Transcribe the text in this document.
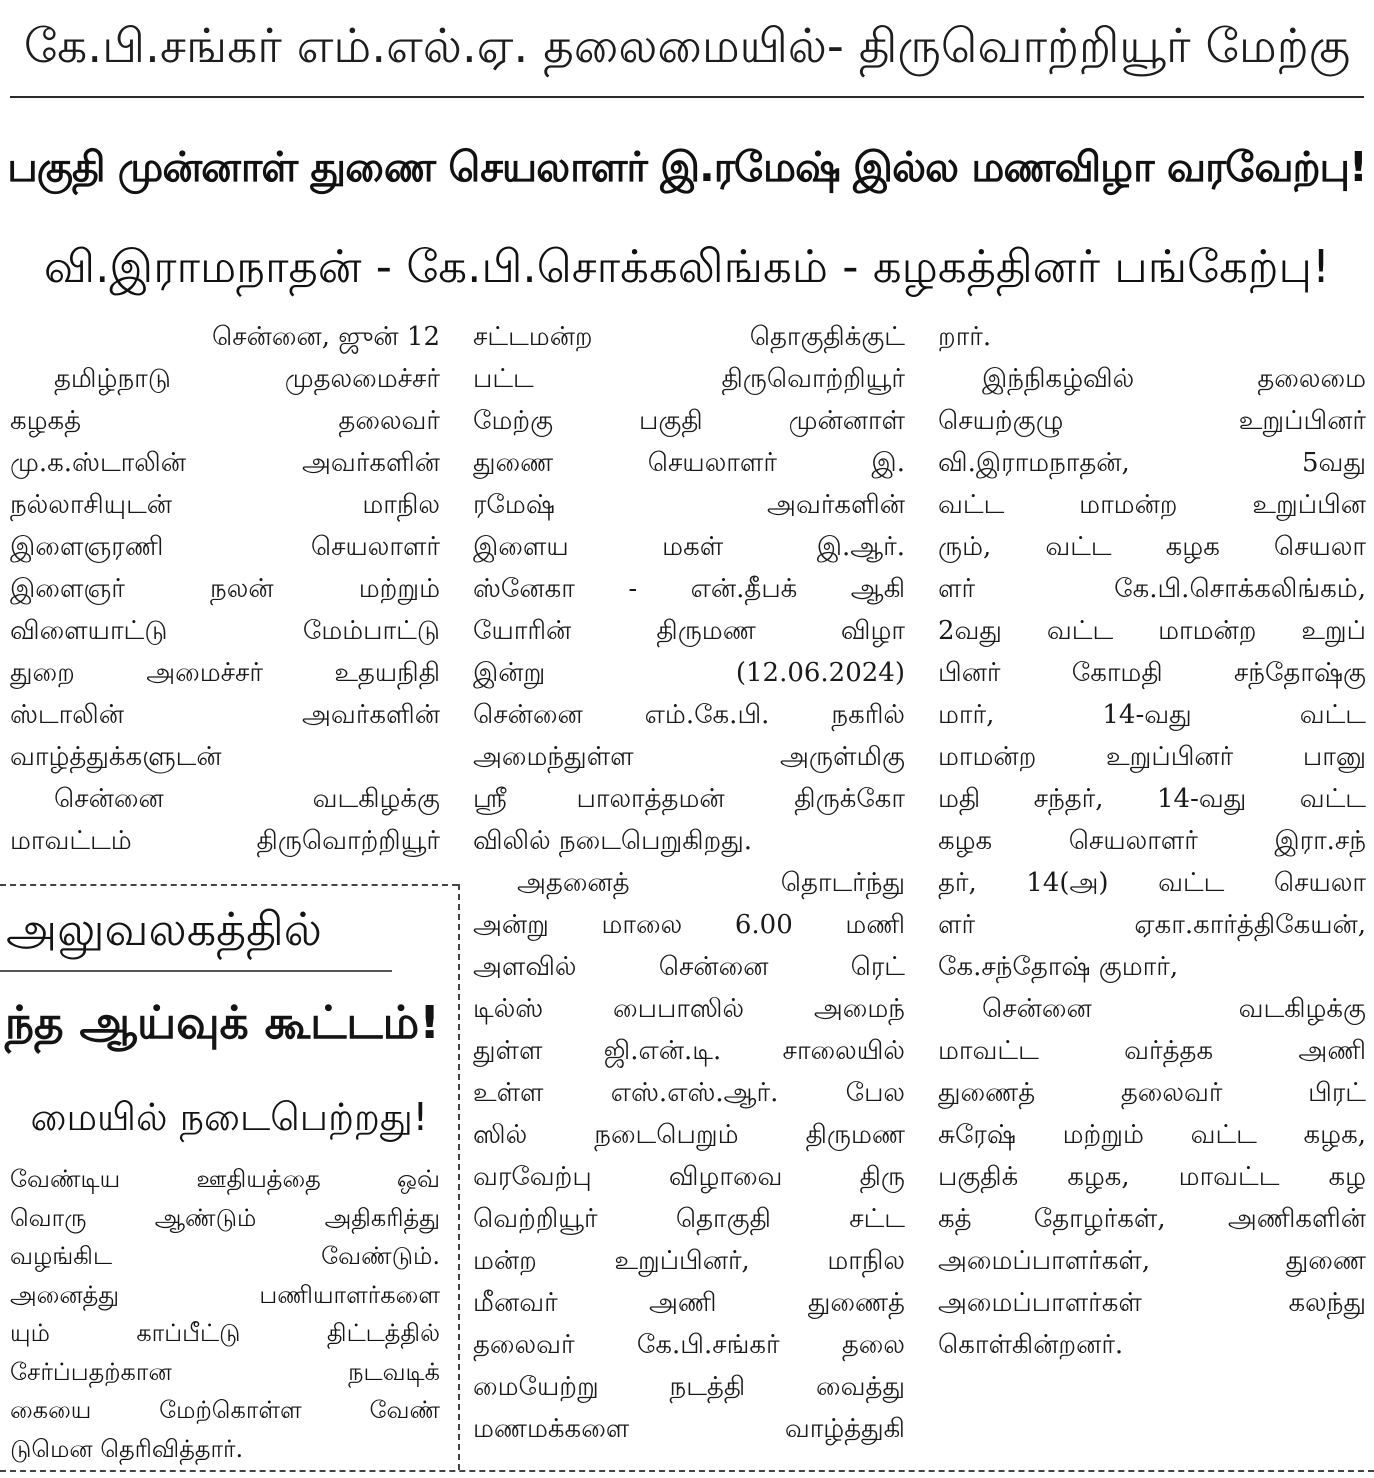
கே.பி.சங்கர் எம்.எல்.ஏ. தலைமையில்- திருவொற்றியூர் மேற்கு
பகுதி முன்னாள் துணை செயலாளர் இ.ரமேஷ் இல்ல மணவிழா வரவேற்பு!
வி.இராமநாதன் - கே.பி.சொக்கலிங்கம் - கழகத்தினர் பங்கேற்பு!

சென்னை, ஜுன் 12

தமிழ்நாடு முதலமைச்சர்

கழகத் தலைவர்

மு.க.ஸ்டாலின் அவர்களின்

நல்லாசியுடன் மாநில

இளைஞரணி செயலாளர்

இளைஞர் நலன் மற்றும்

விளையாட்டு மேம்பாட்டு

துறை அமைச்சர் உதயநிதி

ஸ்டாலின் அவர்களின்

வாழ்த்துக்களுடன்

சென்னை வடகிழக்கு

மாவட்டம் திருவொற்றியூர்

சட்டமன்ற தொகுதிக்குட்

பட்ட திருவொற்றியூர்

மேற்கு பகுதி முன்னாள்

துணை செயலாளர் இ.

ரமேஷ் அவர்களின்

இளைய மகள் இ.ஆர்.

ஸ்னேகா - என்.தீபக் ஆகி

யோரின் திருமண விழா

இன்று (12.06.2024)

சென்னை எம்.கே.பி. நகரில்

அமைந்துள்ள அருள்மிகு

ஸ்ரீ பாலாத்தமன் திருக்கோ

விலில் நடைபெறுகிறது.

அதனைத் தொடர்ந்து

அன்று மாலை 6.00 மணி

அளவில் சென்னை ரெட்

டில்ஸ் பைபாஸில் அமைந்

துள்ள ஜி.என்.டி. சாலையில்

உள்ள எஸ்.எஸ்.ஆர். பேல

ஸில் நடைபெறும் திருமண

வரவேற்பு விழாவை திரு

வெற்றியூர் தொகுதி சட்ட

மன்ற உறுப்பினர், மாநில

மீனவர் அணி துணைத்

தலைவர் கே.பி.சங்கர் தலை

மையேற்று நடத்தி வைத்து

மணமக்களை வாழ்த்துகி

றார்.

இந்நிகழ்வில் தலைமை

செயற்குழு உறுப்பினர்

வி.இராமநாதன், 5வது

வட்ட மாமன்ற உறுப்பின

ரும், வட்ட கழக செயலா

ளர் கே.பி.சொக்கலிங்கம்,

2வது வட்ட மாமன்ற உறுப்

பினர் கோமதி சந்தோஷ்கு

மார், 14-வது வட்ட

மாமன்ற உறுப்பினர் பானு

மதி சந்தர், 14-வது வட்ட

கழக செயலாளர் இரா.சந்

தர், 14(அ) வட்ட செயலா

ளர் ஏகா.கார்த்திகேயன்,

கே.சந்தோஷ் குமார்,

சென்னை வடகிழக்கு

மாவட்ட வர்த்தக அணி

துணைத் தலைவர் பிரட்

சுரேஷ் மற்றும் வட்ட கழக,

பகுதிக் கழக, மாவட்ட கழ

கத் தோழர்கள், அணிகளின்

அமைப்பாளர்கள், துணை

அமைப்பாளர்கள் கலந்து

கொள்கின்றனர்.

அலுவலகத்தில்
ந்த ஆய்வுக் கூட்டம்!
மையில் நடைபெற்றது!

வேண்டிய ஊதியத்தை ஒவ்

வொரு ஆண்டும் அதிகரித்து

வழங்கிட வேண்டும்.

அனைத்து பணியாளர்களை

யும் காப்பீட்டு திட்டத்தில்

சேர்ப்பதற்கான நடவடிக்

கையை மேற்கொள்ள வேண்

டுமென தெரிவித்தார்.
